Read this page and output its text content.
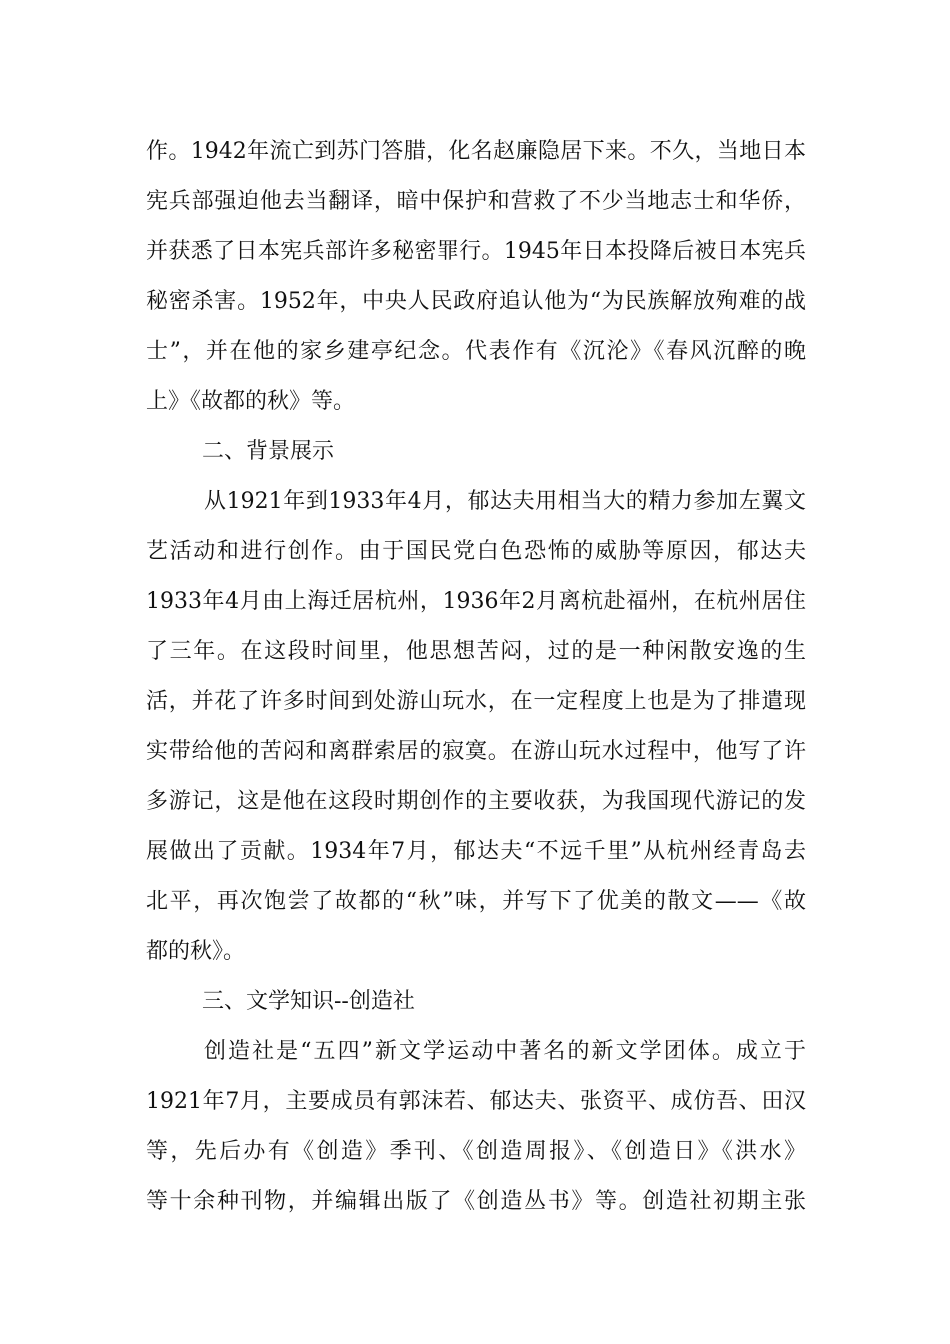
作。1942年流亡到苏门答腊，化名赵廉隐居下来。不久，当地日本
宪兵部强迫他去当翻译，暗中保护和营救了不少当地志士和华侨，
并获悉了日本宪兵部许多秘密罪行。1945年日本投降后被日本宪兵
秘密杀害。1952年，中央人民政府追认他为“为民族解放殉难的战
士”，并在他的家乡建亭纪念。代表作有《沉沦》《春风沉醉的晚
上》《故都的秋》等。
二、背景展示
从1921年到1933年4月，郁达夫用相当大的精力参加左翼文
艺活动和进行创作。由于国民党白色恐怖的威胁等原因，郁达夫
1933年4月由上海迁居杭州，1936年2月离杭赴福州，在杭州居住
了三年。在这段时间里，他思想苦闷，过的是一种闲散安逸的生
活，并花了许多时间到处游山玩水，在一定程度上也是为了排遣现
实带给他的苦闷和离群索居的寂寞。在游山玩水过程中，他写了许
多游记，这是他在这段时期创作的主要收获，为我国现代游记的发
展做出了贡献。1934年7月，郁达夫“不远千里”从杭州经青岛去
北平，再次饱尝了故都的“秋”味，并写下了优美的散文——《故
都的秋》。
三、文学知识--创造社
创造社是“五四”新文学运动中著名的新文学团体。成立于
1921年7月，主要成员有郭沫若、郁达夫、张资平、成仿吾、田汉
等，先后办有《创造》季刊、《创造周报》、《创造日》《洪水》
等十余种刊物，并编辑出版了《创造丛书》等。创造社初期主张
